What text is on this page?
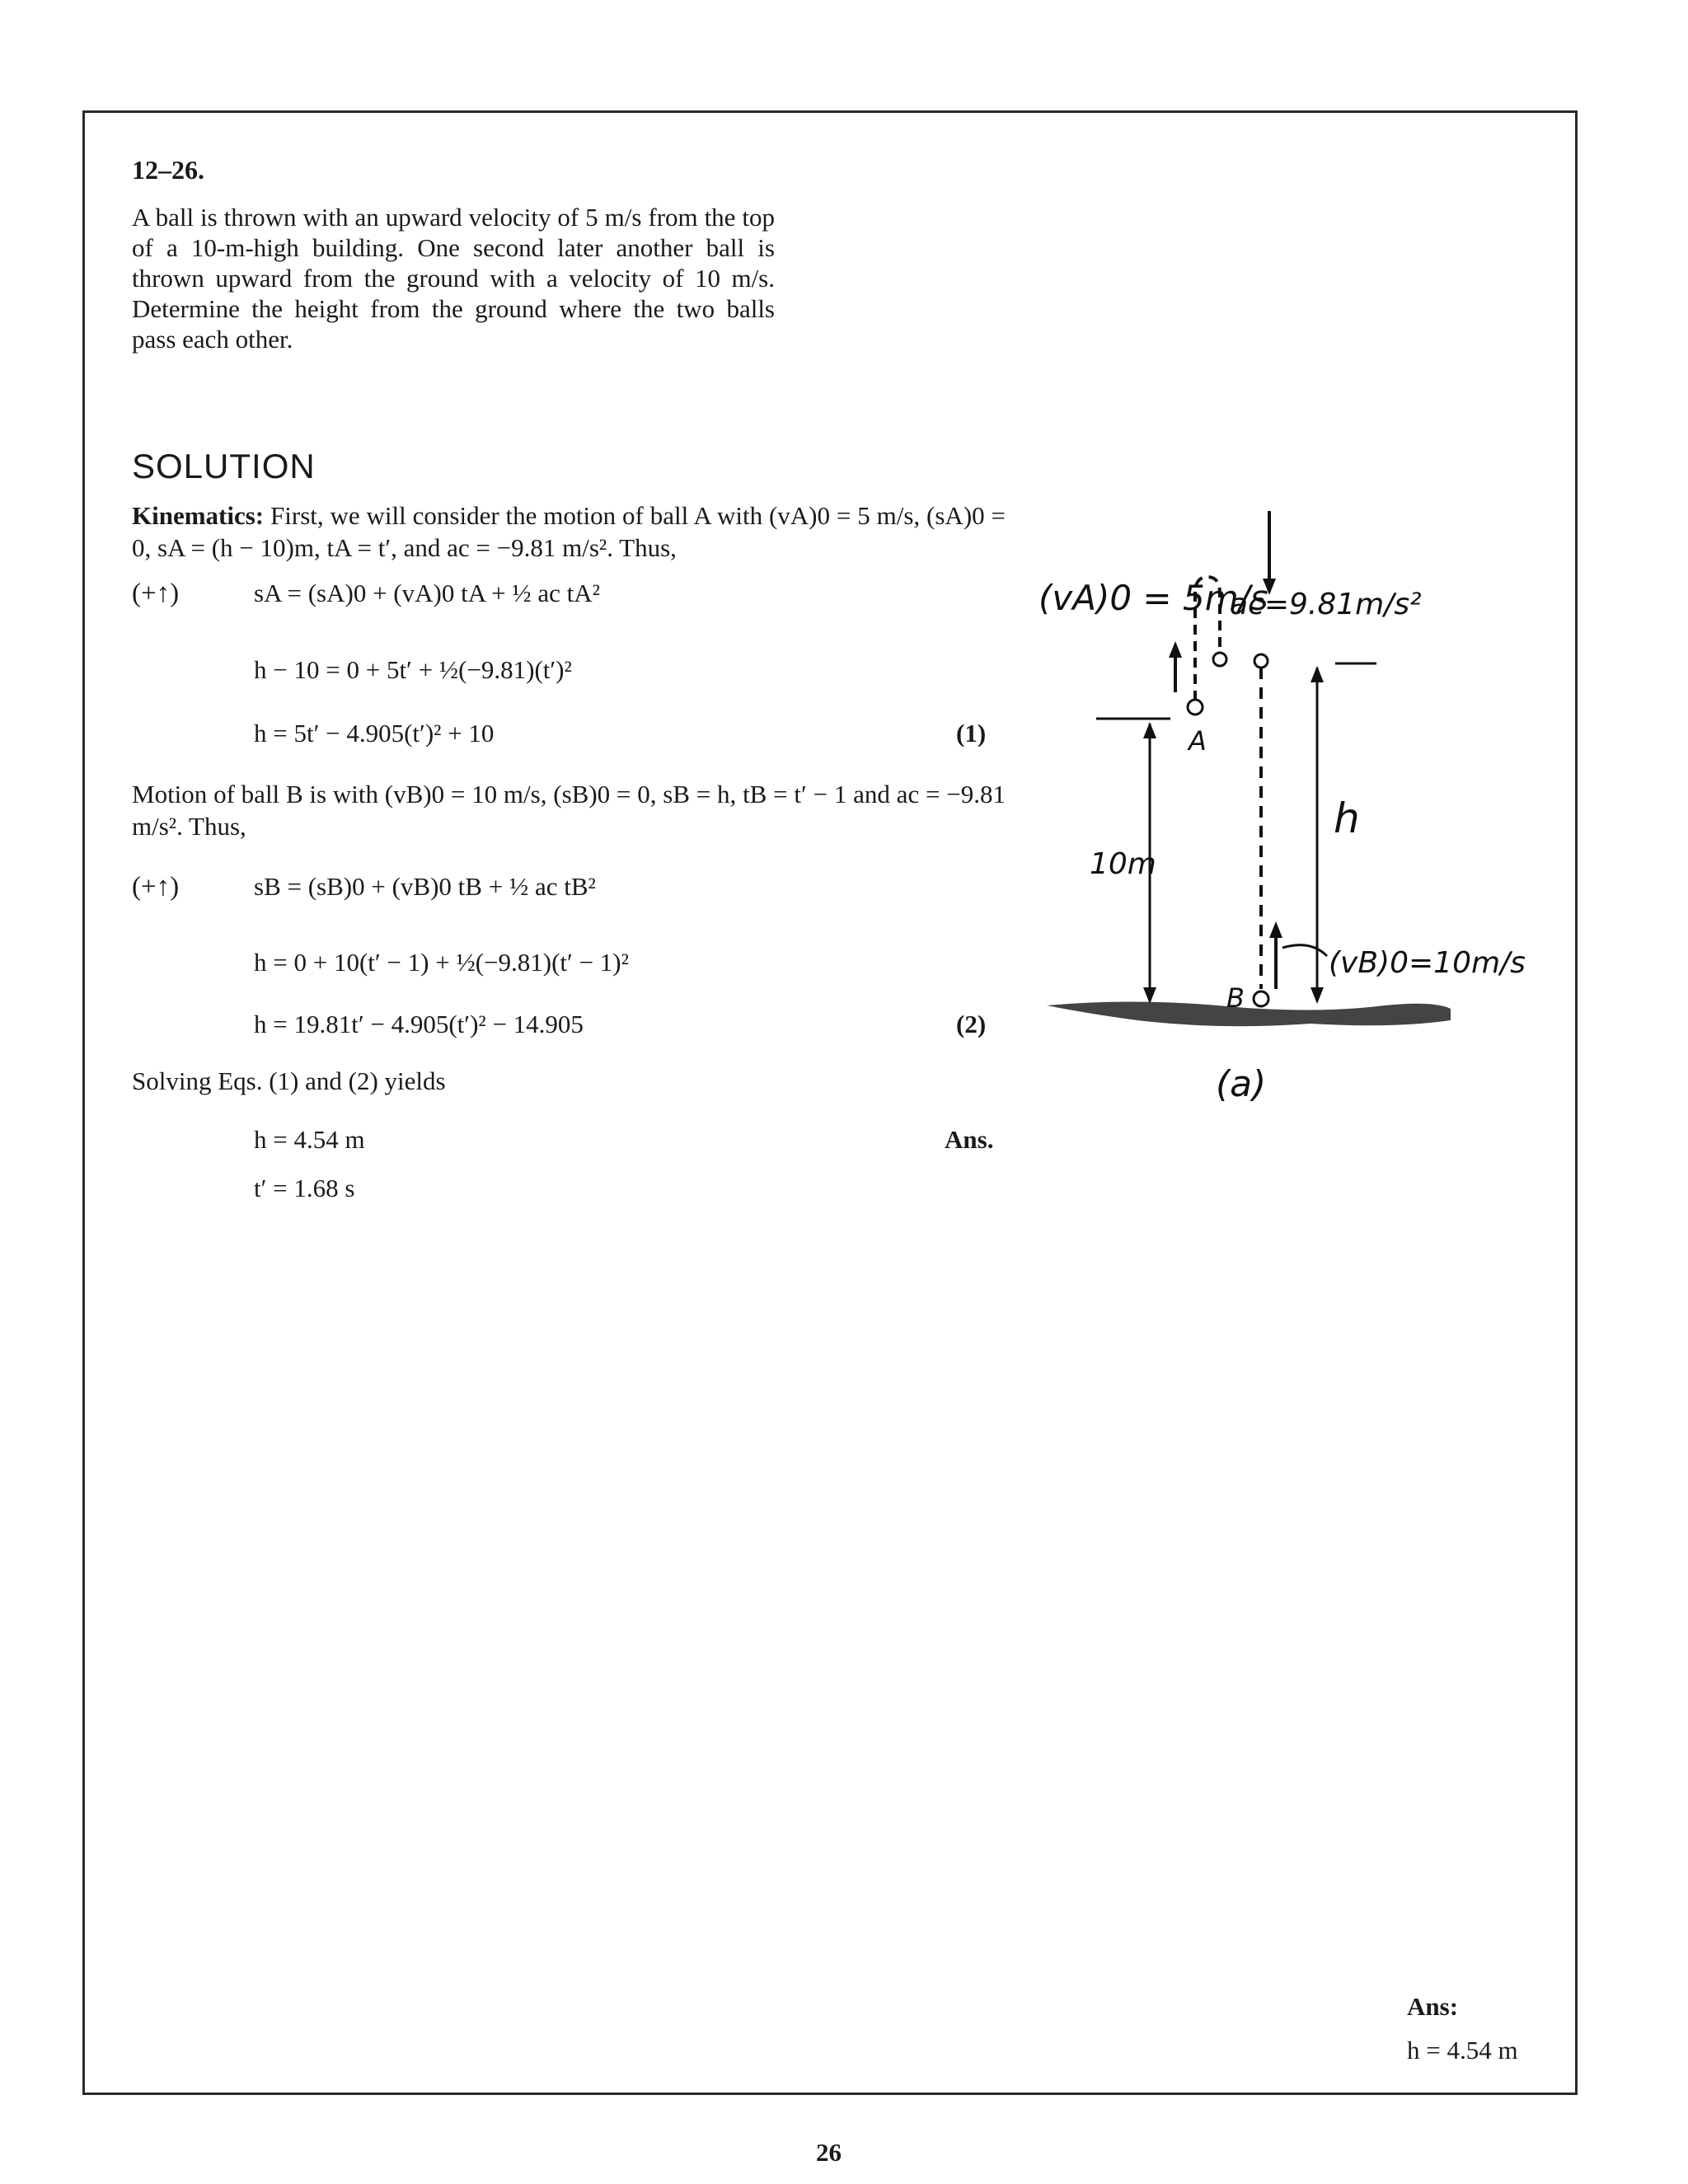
12–26.
A ball is thrown with an upward velocity of 5 m/s from the top of a 10-m-high building. One second later another ball is thrown upward from the ground with a velocity of 10 m/s. Determine the height from the ground where the two balls pass each other.
SOLUTION
Kinematics: First, we will consider the motion of ball A with (vA)0 = 5 m/s, (sA)0 = 0, sA = (h − 10)m, tA = t′, and ac = −9.81 m/s². Thus,
(+↑)	sA = (sA)0 + (vA)0 tA + ½ ac tA²
h − 10 = 0 + 5t′ + ½(−9.81)(t′)²
h = 5t′ − 4.905(t′)² + 10	(1)
Motion of ball B is with (vB)0 = 10 m/s, (sB)0 = 0, sB = h, tB = t′ − 1 and ac = −9.81 m/s². Thus,
(+↑)	sB = (sB)0 + (vB)0 tB + ½ ac tB²
h = 0 + 10(t′ − 1) + ½(−9.81)(t′ − 1)²
h = 19.81t′ − 4.905(t′)² − 14.905	(2)
Solving Eqs. (1) and (2) yields
h = 4.54 m	Ans.
t′ = 1.68 s
(vA)0 = 5m/s
ac=9.81m/s²
A
B
10m
h
(vB)0=10m/s
(a)
Ans:
h = 4.54 m
26
